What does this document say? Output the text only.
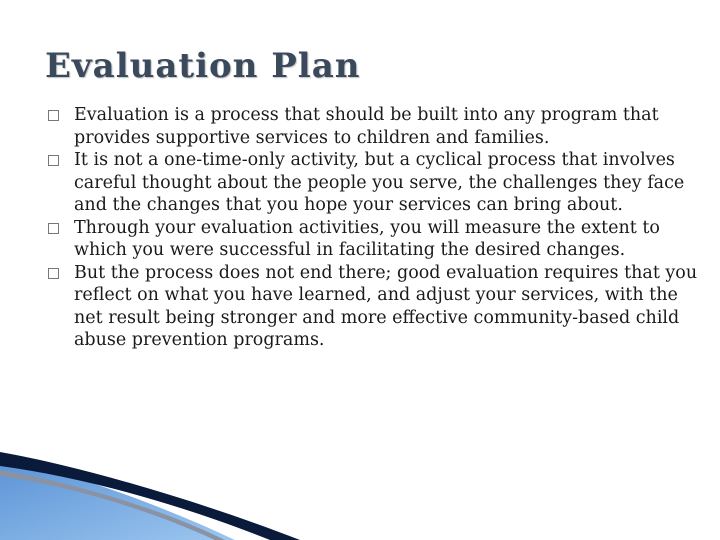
Evaluation Plan
Evaluation is a process that should be built into any program that provides supportive services to children and families.
It is not a one-time-only activity, but a cyclical process that involves careful thought about the people you serve, the challenges they face and the changes that you hope your services can bring about.
Through your evaluation activities, you will measure the extent to which you were successful in facilitating the desired changes.
But the process does not end there; good evaluation requires that you reflect on what you have learned, and adjust your services, with the net result being stronger and more effective community-based child abuse prevention programs.
